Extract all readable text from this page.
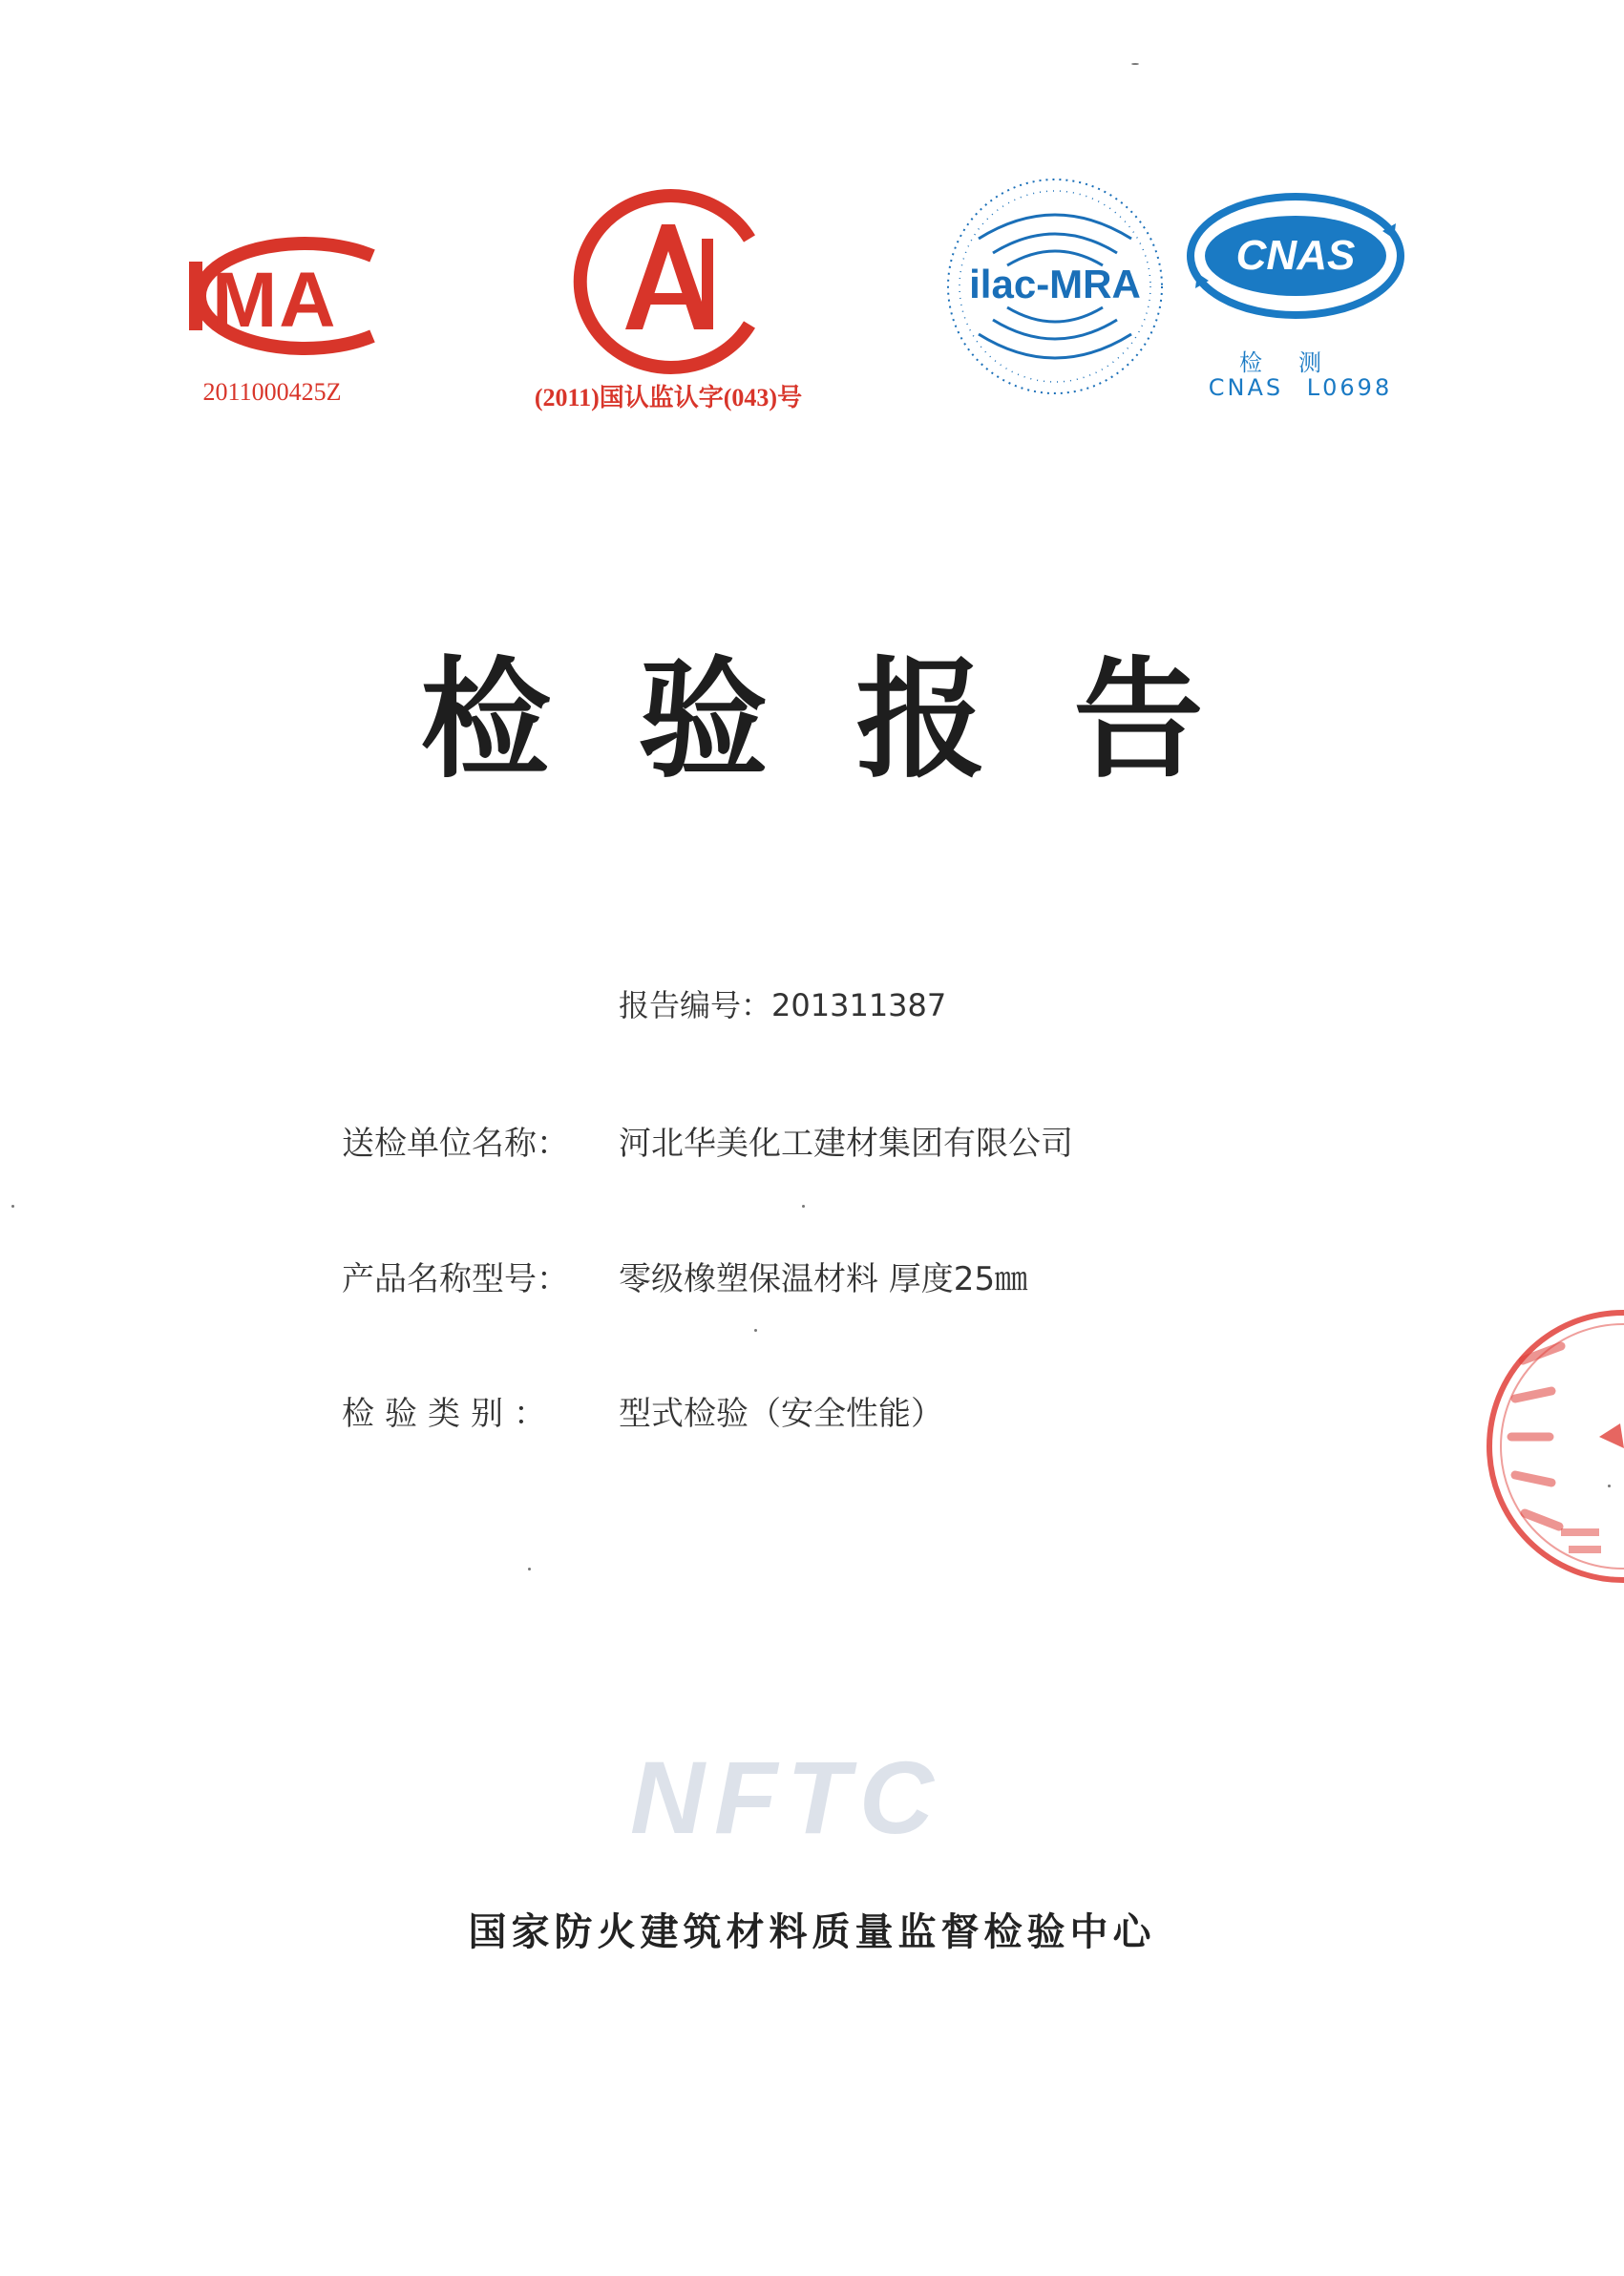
MA
2011000425Z	(2011)国认监认字(043)号
ilac-MRA
CNAS
检测
CNAS L0698
检验报告
报告编号：201311387
送检单位名称： 河北华美化工建材集团有限公司
产品名称型号： 零级橡塑保温材料 厚度25㎜
检验类别： 型式检验（安全性能）
NFTC
国家防火建筑材料质量监督检验中心
